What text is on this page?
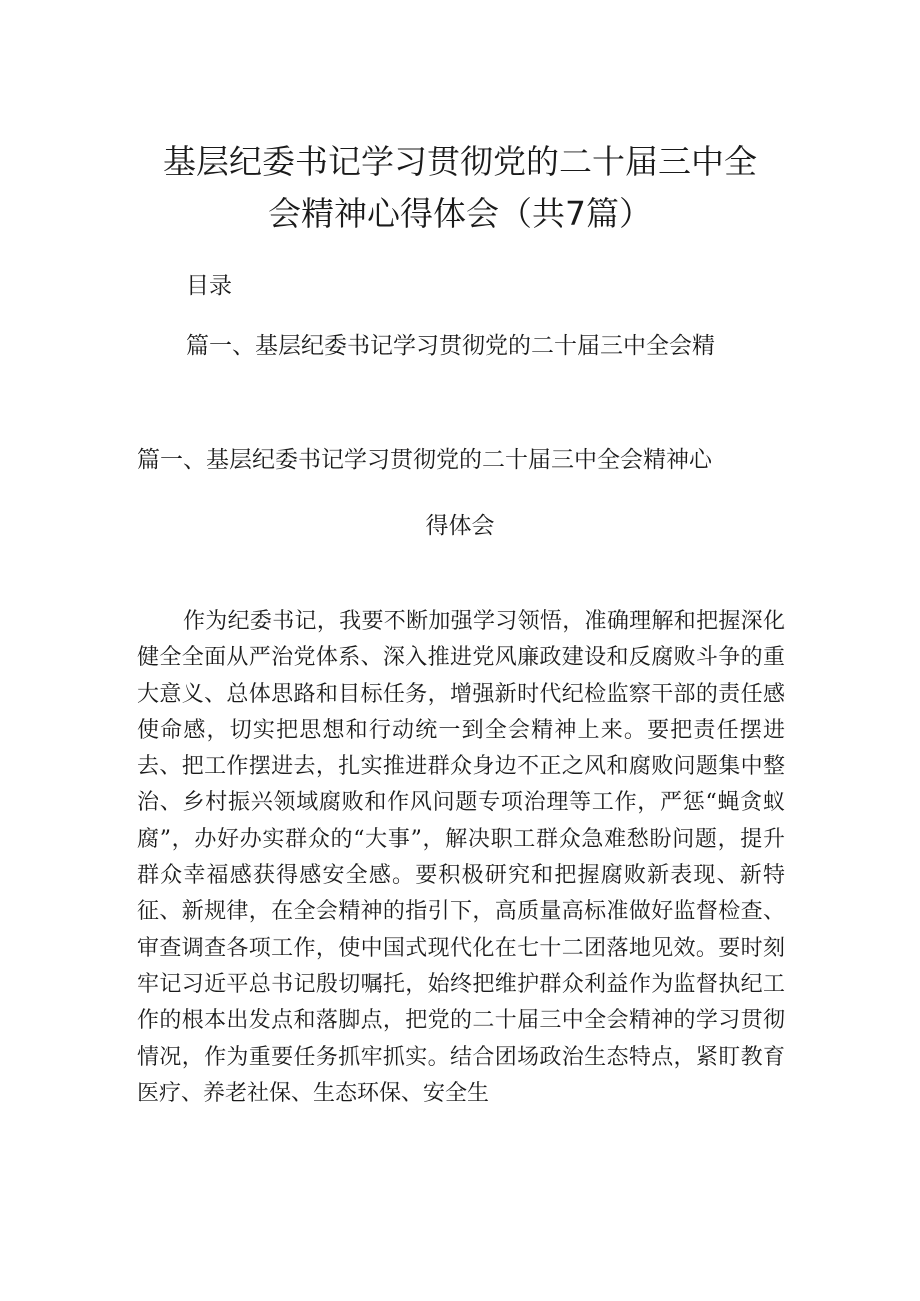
基层纪委书记学习贯彻党的二十届三中全
会精神心得体会（共7篇）
目录
篇一、基层纪委书记学习贯彻党的二十届三中全会精
篇一、基层纪委书记学习贯彻党的二十届三中全会精神心
得体会

作为纪委书记，我要不断加强学习领悟，准确理解和把握深化健全全面从严治党体系、深入推进党风廉政建设和反腐败斗争的重大意义、总体思路和目标任务，增强新时代纪检监察干部的责任感使命感，切实把思想和行动统一到全会精神上来。要把责任摆进去、把工作摆进去，扎实推进群众身边不正之风和腐败问题集中整治、乡村振兴领域腐败和作风问题专项治理等工作，严惩“蝇贪蚁腐”，办好办实群众的“大事”，解决职工群众急难愁盼问题，提升群众幸福感获得感安全感。要积极研究和把握腐败新表现、新特征、新规律，在全会精神的指引下，高质量高标准做好监督检查、审查调查各项工作，使中国式现代化在七十二团落地见效。要时刻牢记习近平总书记殷切嘱托，始终把维护群众利益作为监督执纪工作的根本出发点和落脚点，把党的二十届三中全会精神的学习贯彻情况，作为重要任务抓牢抓实。结合团场政治生态特点，紧盯教育医疗、养老社保、生态环保、安全生
